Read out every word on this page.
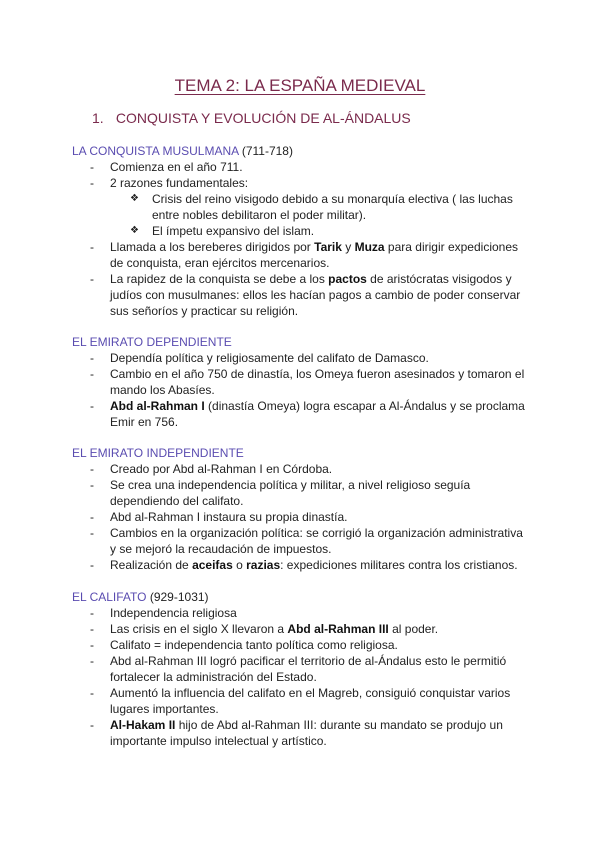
TEMA 2: LA ESPAÑA MEDIEVAL
1. CONQUISTA Y EVOLUCIÓN DE AL-ÁNDALUS
LA CONQUISTA MUSULMANA (711-718)
- Comienza en el año 711.
- 2 razones fundamentales:
❖ Crisis del reino visigodo debido a su monarquía electiva ( las luchas entre nobles debilitaron el poder militar).
❖ El ímpetu expansivo del islam.
- Llamada a los bereberes dirigidos por Tarik y Muza para dirigir expediciones de conquista, eran ejércitos mercenarios.
- La rapidez de la conquista se debe a los pactos de aristócratas visigodos y judíos con musulmanes: ellos les hacían pagos a cambio de poder conservar sus señoríos y practicar su religión.
EL EMIRATO DEPENDIENTE
- Dependía política y religiosamente del califato de Damasco.
- Cambio en el año 750 de dinastía, los Omeya fueron asesinados y tomaron el mando los Abasíes.
- Abd al-Rahman I (dinastía Omeya) logra escapar a Al-Ándalus y se proclama Emir en 756.
EL EMIRATO INDEPENDIENTE
- Creado por Abd al-Rahman I en Córdoba.
- Se crea una independencia política y militar, a nivel religioso seguía dependiendo del califato.
- Abd al-Rahman I instaura su propia dinastía.
- Cambios en la organización política: se corrigió la organización administrativa y se mejoró la recaudación de impuestos.
- Realización de aceifas o razias: expediciones militares contra los cristianos.
EL CALIFATO (929-1031)
- Independencia religiosa
- Las crisis en el siglo X llevaron a Abd al-Rahman III al poder.
- Califato = independencia tanto política como religiosa.
- Abd al-Rahman III logró pacificar el territorio de al-Ándalus esto le permitió fortalecer la administración del Estado.
- Aumentó la influencia del califato en el Magreb, consiguió conquistar varios lugares importantes.
- Al-Hakam II hijo de Abd al-Rahman III: durante su mandato se produjo un importante impulso intelectual y artístico.
